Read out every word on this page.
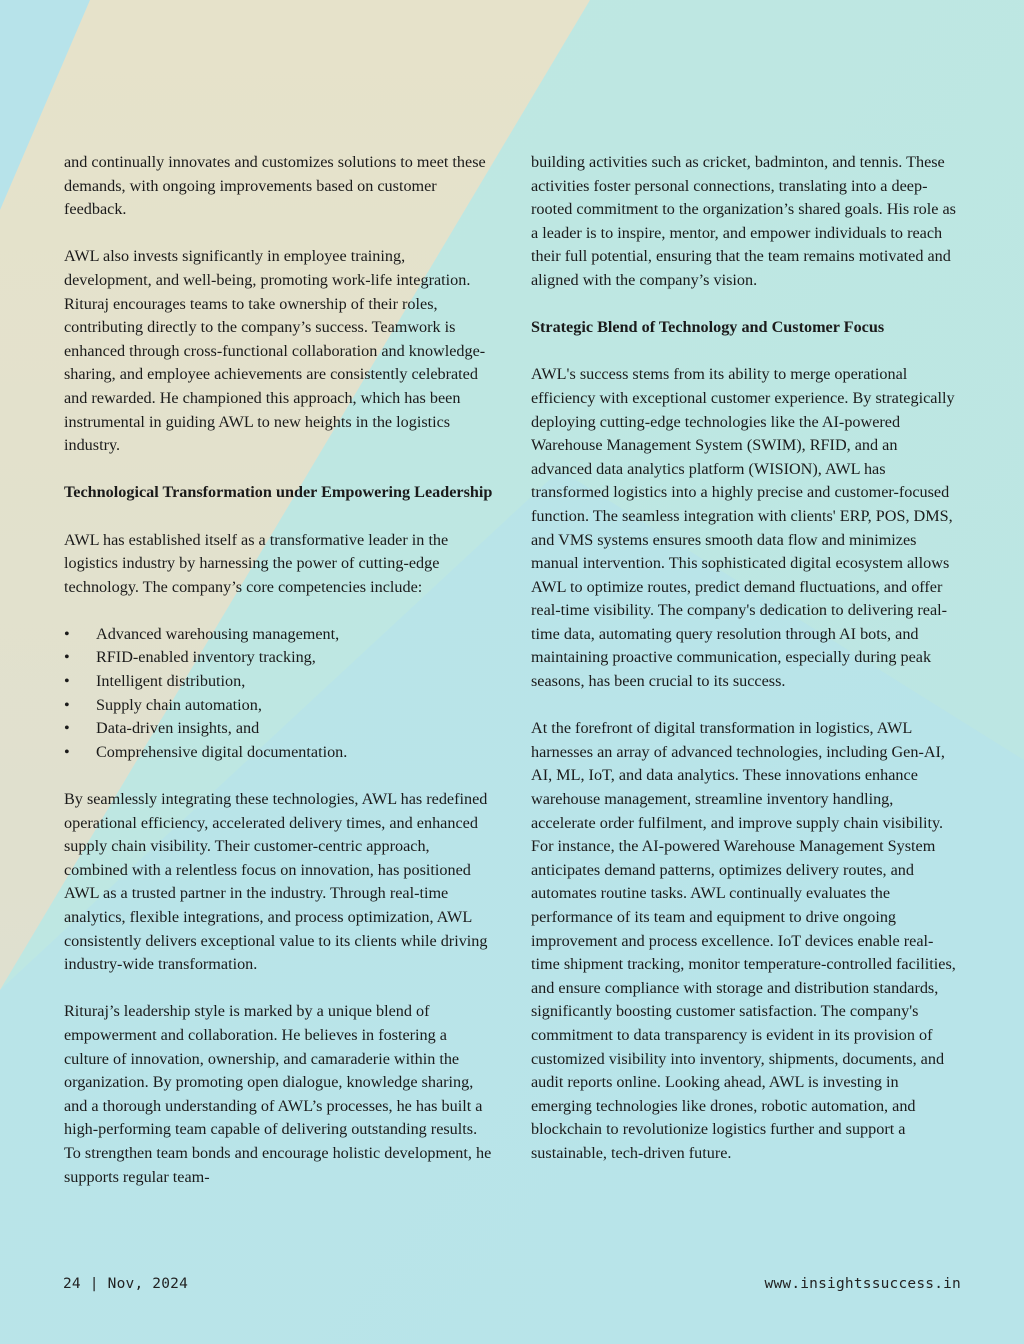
and continually innovates and customizes solutions to meet these demands, with ongoing improvements based on customer feedback.

AWL also invests significantly in employee training, development, and well-being, promoting work-life integration. Rituraj encourages teams to take ownership of their roles, contributing directly to the company’s success. Teamwork is enhanced through cross-functional collaboration and knowledge-sharing, and employee achievements are consistently celebrated and rewarded. He championed this approach, which has been instrumental in guiding AWL to new heights in the logistics industry.

Technological Transformation under Empowering Leadership

AWL has established itself as a transformative leader in the logistics industry by harnessing the power of cutting-edge technology. The company’s core competencies include:

• Advanced warehousing management,
• RFID-enabled inventory tracking,
• Intelligent distribution,
• Supply chain automation,
• Data-driven insights, and
• Comprehensive digital documentation.

By seamlessly integrating these technologies, AWL has redefined operational efficiency, accelerated delivery times, and enhanced supply chain visibility. Their customer-centric approach, combined with a relentless focus on innovation, has positioned AWL as a trusted partner in the industry. Through real-time analytics, flexible integrations, and process optimization, AWL consistently delivers exceptional value to its clients while driving industry-wide transformation.

Rituraj’s leadership style is marked by a unique blend of empowerment and collaboration. He believes in fostering a culture of innovation, ownership, and camaraderie within the organization. By promoting open dialogue, knowledge sharing, and a thorough understanding of AWL’s processes, he has built a high-performing team capable of delivering outstanding results. To strengthen team bonds and encourage holistic development, he supports regular team-

building activities such as cricket, badminton, and tennis. These activities foster personal connections, translating into a deep-rooted commitment to the organization’s shared goals. His role as a leader is to inspire, mentor, and empower individuals to reach their full potential, ensuring that the team remains motivated and aligned with the company’s vision.

Strategic Blend of Technology and Customer Focus

AWL's success stems from its ability to merge operational efficiency with exceptional customer experience. By strategically deploying cutting-edge technologies like the AI-powered Warehouse Management System (SWIM), RFID, and an advanced data analytics platform (WISION), AWL has transformed logistics into a highly precise and customer-focused function. The seamless integration with clients' ERP, POS, DMS, and VMS systems ensures smooth data flow and minimizes manual intervention. This sophisticated digital ecosystem allows AWL to optimize routes, predict demand fluctuations, and offer real-time visibility. The company's dedication to delivering real-time data, automating query resolution through AI bots, and maintaining proactive communication, especially during peak seasons, has been crucial to its success.

At the forefront of digital transformation in logistics, AWL harnesses an array of advanced technologies, including Gen-AI, AI, ML, IoT, and data analytics. These innovations enhance warehouse management, streamline inventory handling, accelerate order fulfilment, and improve supply chain visibility. For instance, the AI-powered Warehouse Management System anticipates demand patterns, optimizes delivery routes, and automates routine tasks. AWL continually evaluates the performance of its team and equipment to drive ongoing improvement and process excellence. IoT devices enable real-time shipment tracking, monitor temperature-controlled facilities, and ensure compliance with storage and distribution standards, significantly boosting customer satisfaction. The company's commitment to data transparency is evident in its provision of customized visibility into inventory, shipments, documents, and audit reports online. Looking ahead, AWL is investing in emerging technologies like drones, robotic automation, and blockchain to revolutionize logistics further and support a sustainable, tech-driven future.

24 | Nov, 2024	www.insightssuccess.in
